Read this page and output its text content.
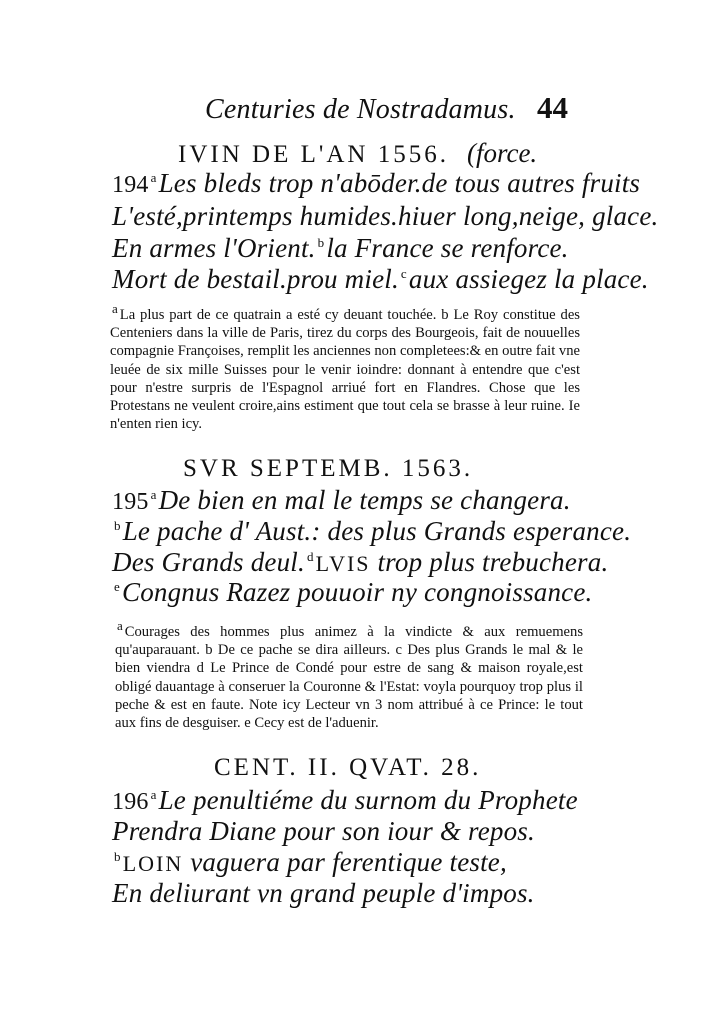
Centuries de Nostradamus. 44
IVIN DE L'AN 1556. (force.
194 $^a$Les bleds trop n'abōder.de tous autres fruits
L'esté,printemps humides.hiuer long,neige, glace.
En armes l'Orient. $^b$la France se renforce.
Mort de bestail.prou miel. $^c$aux assiegez la place.

$^a$ La plus part de ce quatrain a esté cy deuant touchée. b Le Roy constitue des Centeniers dans la ville de Paris, tirez du corps des Bourgeois, fait de nouuelles compagnie Françoises, remplit les anciennes non completees:& en outre fait vne leuée de six mille Suisses pour le venir ioindre: donnant à entendre que c'est pour n'estre surpris de l'Espagnol arriué fort en Flandres. Chose que les Protestans ne veulent croire,ains estiment que tout cela se brasse à leur ruine. Ie n'enten rien icy.

SVR SEPTEMB. 1563.
195 $^a$De bien en mal le temps se changera.
$^b$Le pache d' Aust.: des plus Grands esperance.
Des Grands deul. $^d$LVIS trop plus trebuchera.
$^e$Congnus Razez pouuoir ny congnoissance.

$^a$ Courages des hommes plus animez à la vindicte & aux remuemens qu'auparauant. b De ce pache se dira ailleurs. c Des plus Grands le mal & le bien viendra d Le Prince de Condé pour estre de sang & maison royale,est obligé dauantage à conseruer la Couronne & l'Estat: voyla pourquoy trop plus il peche & est en faute. Note icy Lecteur vn 3 nom attribué à ce Prince: le tout aux fins de desguiser. e Cecy est de l'aduenir.

CENT. II. QVAT. 28.
196 $^a$Le penultiéme du surnom du Prophete
Prendra Diane pour son iour & repos.
$^b$LOIN vaguera par ferentique teste,
En deliurant vn grand peuple d'impos.
